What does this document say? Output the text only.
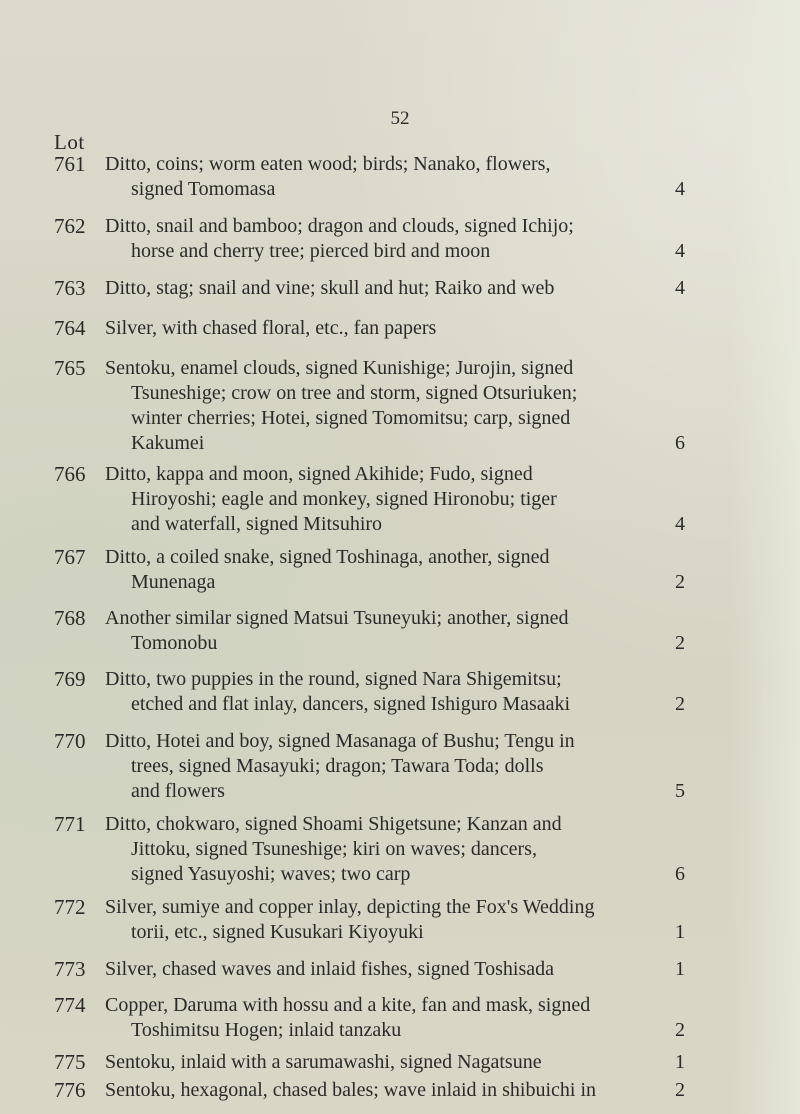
52
Lot
761 Ditto, coins; worm eaten wood; birds; Nanako, flowers,
signed Tomomasa	4
762 Ditto, snail and bamboo; dragon and clouds, signed Ichijo;
horse and cherry tree; pierced bird and moon	4
763 Ditto, stag; snail and vine; skull and hut; Raiko and web	4
764 Silver, with chased floral, etc., fan papers
765 Sentoku, enamel clouds, signed Kunishige; Jurojin, signed
Tsuneshige; crow on tree and storm, signed Otsuriuken;
winter cherries; Hotei, signed Tomomitsu; carp, signed
Kakumei	6
766 Ditto, kappa and moon, signed Akihide; Fudo, signed
Hiroyoshi; eagle and monkey, signed Hironobu; tiger
and waterfall, signed Mitsuhiro	4
767 Ditto, a coiled snake, signed Toshinaga, another, signed
Munenaga	2
768 Another similar signed Matsui Tsuneyuki; another, signed
Tomonobu	2
769 Ditto, two puppies in the round, signed Nara Shigemitsu;
etched and flat inlay, dancers, signed Ishiguro Masaaki	2
770 Ditto, Hotei and boy, signed Masanaga of Bushu; Tengu in
trees, signed Masayuki; dragon; Tawara Toda; dolls
and flowers	5
771 Ditto, chokwaro, signed Shoami Shigetsune; Kanzan and
Jittoku, signed Tsuneshige; kiri on waves; dancers,
signed Yasuyoshi; waves; two carp	6
772 Silver, sumiye and copper inlay, depicting the Fox's Wedding
torii, etc., signed Kusukari Kiyoyuki	1
773 Silver, chased waves and inlaid fishes, signed Toshisada	1
774 Copper, Daruma with hossu and a kite, fan and mask, signed
Toshimitsu Hogen; inlaid tanzaku	2
775 Sentoku, inlaid with a sarumawashi, signed Nagatsune	1
776 Sentoku, hexagonal, chased bales; wave inlaid in shibuichi in	2
